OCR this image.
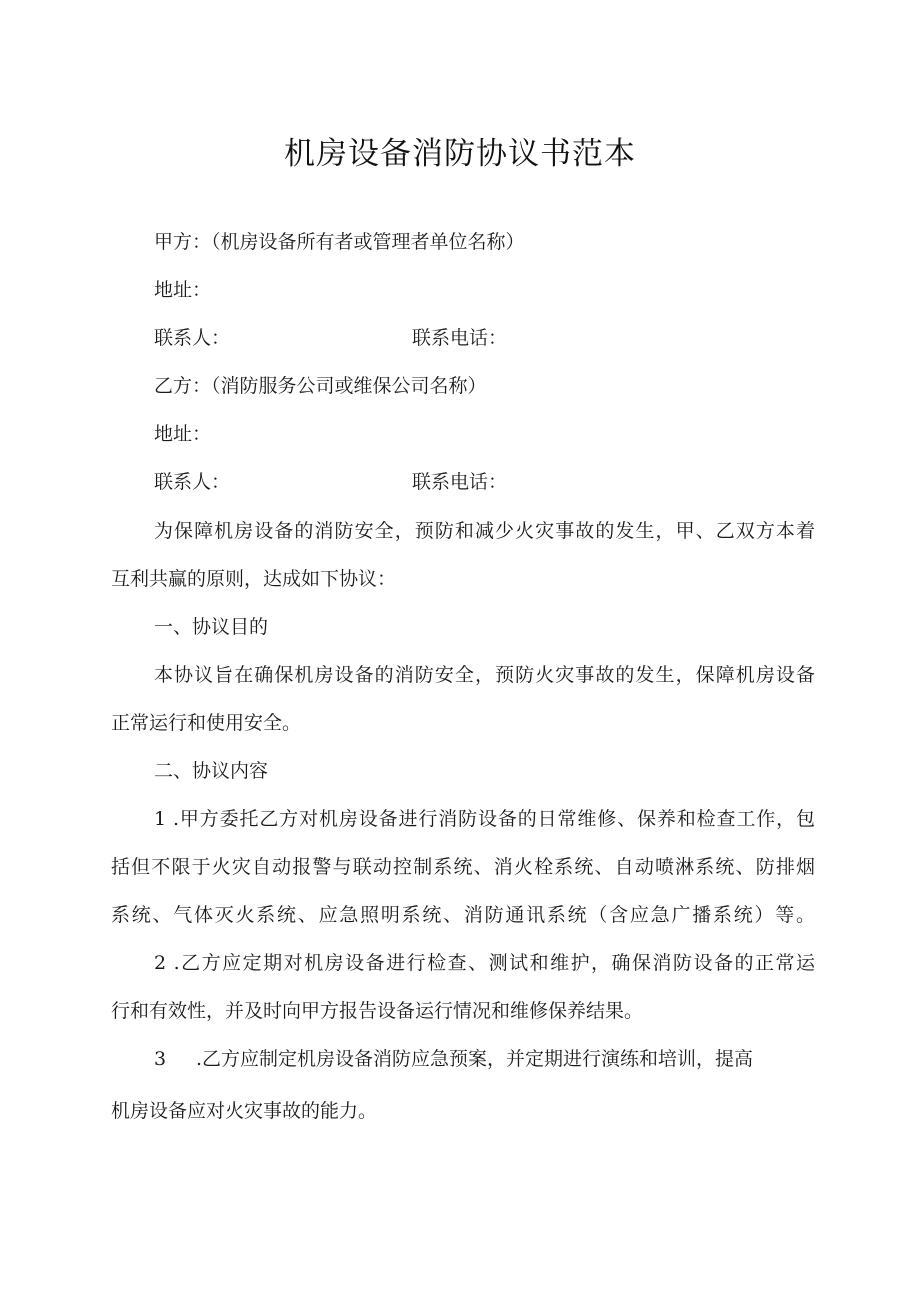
机房设备消防协议书范本

甲方：（机房设备所有者或管理者单位名称）

地址：

联系人：	联系电话：

乙方：（消防服务公司或维保公司名称）

地址：

联系人：	联系电话：

为保障机房设备的消防安全，预防和减少火灾事故的发生，甲、乙双方本着

互利共赢的原则，达成如下协议：

一、协议目的

本协议旨在确保机房设备的消防安全，预防火灾事故的发生，保障机房设备

正常运行和使用安全。

二、协议内容

1 .甲方委托乙方对机房设备进行消防设备的日常维修、保养和检查工作，包

括但不限于火灾自动报警与联动控制系统、消火栓系统、自动喷淋系统、防排烟

系统、气体灭火系统、应急照明系统、消防通讯系统（含应急广播系统）等。

2 .乙方应定期对机房设备进行检查、测试和维护，确保消防设备的正常运

行和有效性，并及时向甲方报告设备运行情况和维修保养结果。

3 .乙方应制定机房设备消防应急预案，并定期进行演练和培训，提高

机房设备应对火灾事故的能力。
